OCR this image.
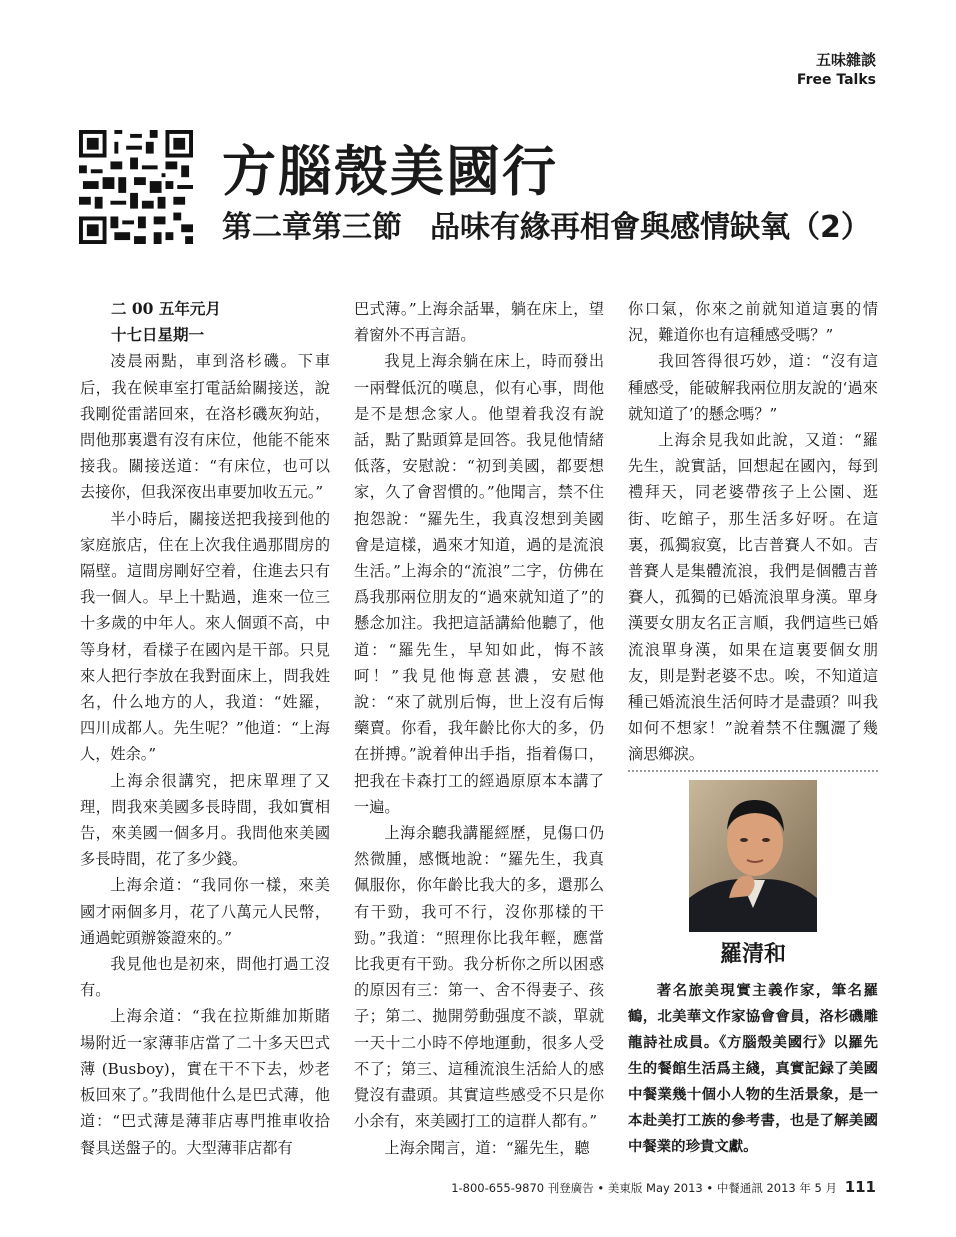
五味雜談
Free Talks
方腦殼美國行
第二章第三節 品味有緣再相會與感情缺氧（2）

二 00 五年元月

十七日星期一

凌晨兩點，車到洛杉磯。下車后，我在候車室打電話給關接送，說我剛從雷諾回來，在洛杉磯灰狗站，問他那裏還有沒有床位，他能不能來接我。關接送道：“有床位，也可以去接你，但我深夜出車要加收五元。”

半小時后，關接送把我接到他的家庭旅店，住在上次我住過那間房的隔壁。這間房剛好空着，住進去只有我一個人。早上十點過，進來一位三十多歲的中年人。來人個頭不高，中等身材，看樣子在國內是干部。只見來人把行李放在我對面床上，問我姓名，什么地方的人，我道：“姓羅，四川成都人。先生呢？”他道：“上海人，姓余。”

上海余很講究，把床單理了又理，問我來美國多長時間，我如實相告，來美國一個多月。我問他來美國多長時間，花了多少錢。

上海余道：“我同你一樣，來美國才兩個多月，花了八萬元人民幣，通過蛇頭辦簽證來的。”

我見他也是初來，問他打過工沒有。

上海余道：“我在拉斯維加斯賭場附近一家薄菲店當了二十多天巴式薄 (Busboy)，實在干不下去，炒老板回來了。”我問他什么是巴式薄，他道：“巴式薄是薄菲店專門推車收拾餐具送盤子的。大型薄菲店都有

巴式薄。”上海余話畢，躺在床上，望着窗外不再言語。

我見上海余躺在床上，時而發出一兩聲低沉的嘆息，似有心事，問他是不是想念家人。他望着我沒有說話，點了點頭算是回答。我見他情緒低落，安慰說：“初到美國，都要想家，久了會習慣的。”他聞言，禁不住抱怨說：“羅先生，我真沒想到美國會是這樣，過來才知道，過的是流浪生活。”上海余的“流浪”二字，仿佛在爲我那兩位朋友的“過來就知道了”的懸念加注。我把這話講給他聽了，他道：“羅先生，早知如此，悔不該呵！”我見他悔意甚濃，安慰他說：“來了就別后悔，世上沒有后悔藥賣。你看，我年齡比你大的多，仍在拼搏。”說着伸出手指，指着傷口，把我在卡森打工的經過原原本本講了一遍。

上海余聽我講罷經歷，見傷口仍然微腫，感慨地說：“羅先生，我真佩服你，你年齡比我大的多，還那么有干勁，我可不行，沒你那樣的干勁。”我道：“照理你比我年輕，應當比我更有干勁。我分析你之所以困惑的原因有三：第一、舍不得妻子、孩子；第二、拋開勞動强度不談，單就一天十二小時不停地運動，很多人受不了；第三、這種流浪生活給人的感覺沒有盡頭。其實這些感受不只是你小余有，來美國打工的這群人都有。”

上海余聞言，道：“羅先生，聽

你口氣，你來之前就知道這裏的情況，難道你也有這種感受嗎？”

我回答得很巧妙，道：“沒有這種感受，能破解我兩位朋友說的‘過來就知道了’的懸念嗎？”

上海余見我如此說，又道：“羅先生，說實話，回想起在國內，每到禮拜天，同老婆帶孩子上公園、逛街、吃館子，那生活多好呀。在這裏，孤獨寂寞，比吉普賽人不如。吉普賽人是集體流浪，我們是個體吉普賽人，孤獨的已婚流浪單身漢。單身漢要女朋友名正言順，我們這些已婚流浪單身漢，如果在這裏要個女朋友，則是對老婆不忠。唉，不知道這種已婚流浪生活何時才是盡頭？叫我如何不想家！”說着禁不住飄灑了幾滴思鄉淚。

羅清和

著名旅美現實主義作家，筆名羅鶴，北美華文作家協會會員，洛杉磯雕龍詩社成員。《方腦殼美國行》以羅先生的餐館生活爲主綫，真實記録了美國中餐業幾十個小人物的生活景象，是一本赴美打工族的參考書，也是了解美國中餐業的珍貴文獻。

1-800-655-9870 刊登廣告 • 美東版 May 2013 • 中餐通訊 2013 年 5 月 111
